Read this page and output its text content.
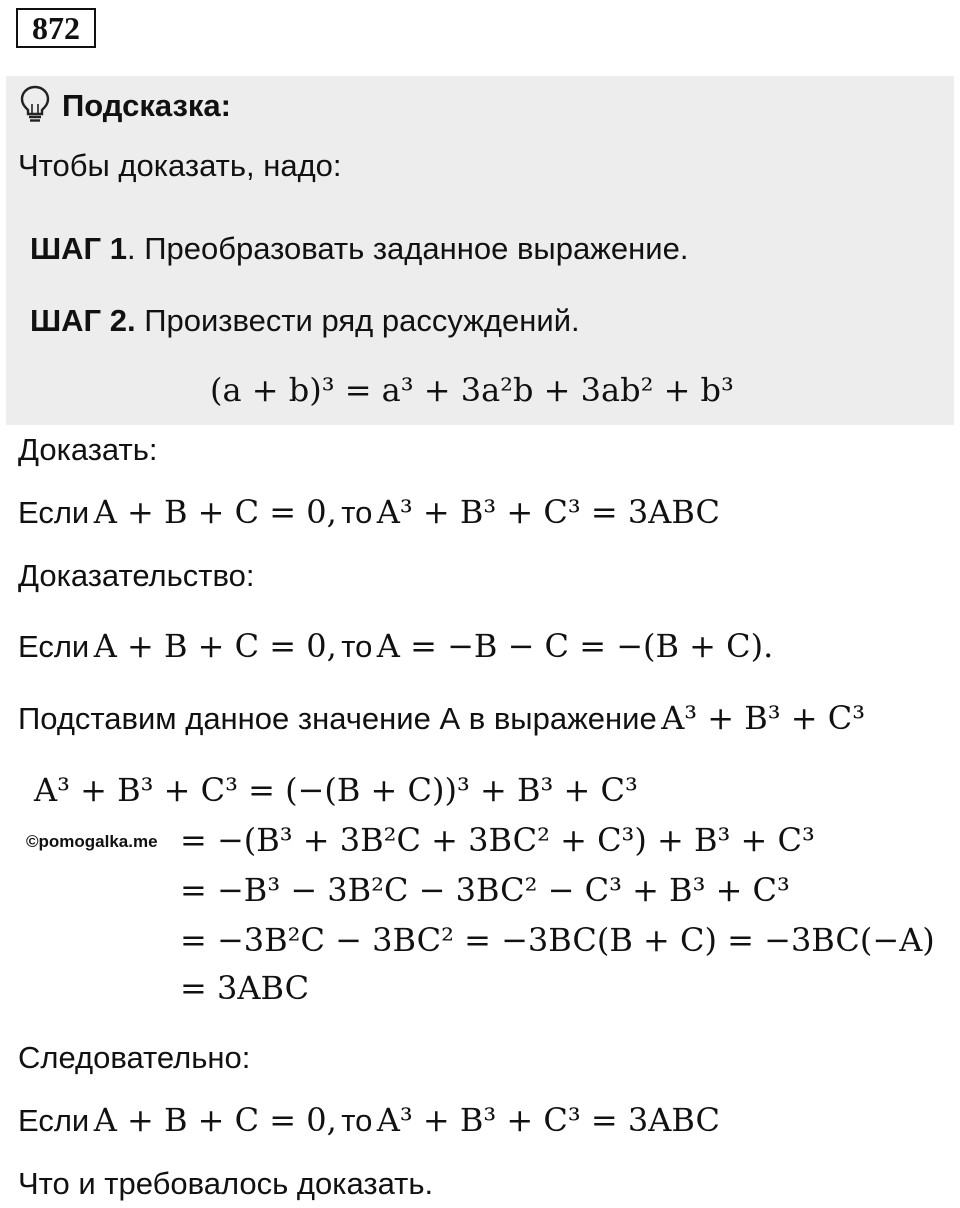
872
Подсказка:
Чтобы доказать, надо:
ШАГ 1. Преобразовать заданное выражение.
ШАГ 2. Произвести ряд рассуждений.
(a + b)³ = a³ + 3a²b + 3ab² + b³
Доказать:
Если A + B + C = 0, то A³ + B³ + C³ = 3ABC
Доказательство:
Если A + B + C = 0, то A = −B − C = −(B + C).
Подставим данное значение А в выражение A³ + B³ + C³
A³ + B³ + C³ = (−(B + C))³ + B³ + C³
©pomogalka.me = −(B³ + 3B²C + 3BC² + C³) + B³ + C³
= −B³ − 3B²C − 3BC² − C³ + B³ + C³
= −3B²C − 3BC² = −3BC(B + C) = −3BC(−A)
= 3ABC
Следовательно:
Если A + B + C = 0, то A³ + B³ + C³ = 3ABC
Что и требовалось доказать.
